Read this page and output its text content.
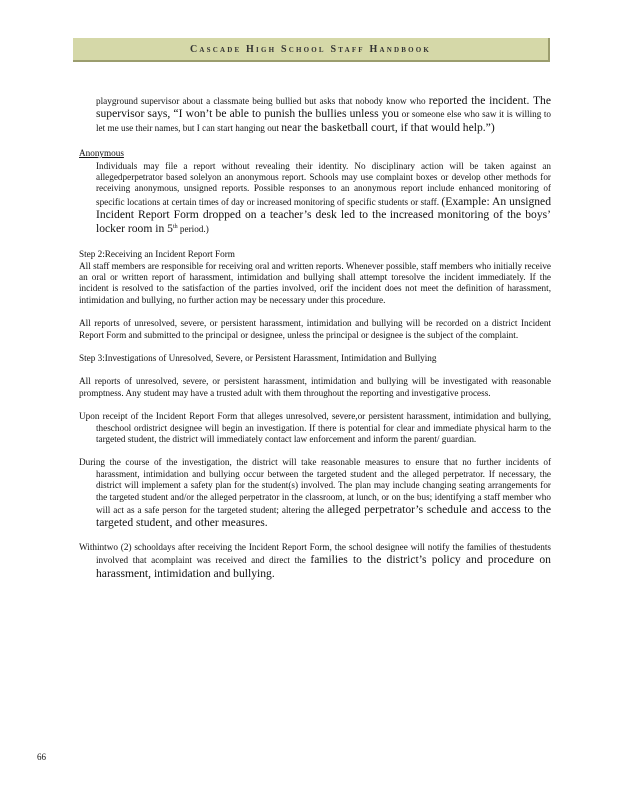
Cascade High School Staff Handbook

playground supervisor about a classmate being bullied but asks that nobody know who reported the incident. The supervisor says, “I won’t be able to punish the bullies unless you or someone else who saw it is willing to let me use their names, but I can start hanging out near the basketball court, if that would help.”)

Anonymous

Individuals may file a report without revealing their identity. No disciplinary action will be taken against an allegedperpetrator based solelyon an anonymous report. Schools may use complaint boxes or develop other methods for receiving anonymous, unsigned reports. Possible responses to an anonymous report include enhanced monitoring of specific locations at certain times of day or increased monitoring of specific students or staff. (Example: An unsigned Incident Report Form dropped on a teacher’s desk led to the increased monitoring of the boys’ locker room in 5th period.)

Step 2:Receiving an Incident Report Form
All staff members are responsible for receiving oral and written reports. Whenever possible, staff members who initially receive an oral or written report of harassment, intimidation and bullying shall attempt toresolve the incident immediately. If the incident is resolved to the satisfaction of the parties involved, orif the incident does not meet the definition of harassment, intimidation and bullying, no further action may be necessary under this procedure.

All reports of unresolved, severe, or persistent harassment, intimidation and bullying will be recorded on a district Incident Report Form and submitted to the principal or designee, unless the principal or designee is the subject of the complaint.

Step 3:Investigations of Unresolved, Severe, or Persistent Harassment, Intimidation and Bullying

All reports of unresolved, severe, or persistent harassment, intimidation and bullying will be investigated with reasonable promptness. Any student may have a trusted adult with them throughout the reporting and investigative process.

Upon receipt of the Incident Report Form that alleges unresolved, severe,or persistent harassment, intimidation and bullying, theschool ordistrict designee will begin an investigation. If there is potential for clear and immediate physical harm to the targeted student, the district will immediately contact law enforcement and inform the parent/ guardian.

During the course of the investigation, the district will take reasonable measures to ensure that no further incidents of harassment, intimidation and bullying occur between the targeted student and the alleged perpetrator. If necessary, the district will implement a safety plan for the student(s) involved. The plan may include changing seating arrangements for the targeted student and/or the alleged perpetrator in the classroom, at lunch, or on the bus; identifying a staff member who will act as a safe person for the targeted student; altering the alleged perpetrator’s schedule and access to the targeted student, and other measures.

Withintwo (2) schooldays after receiving the Incident Report Form, the school designee will notify the families of thestudents involved that acomplaint was received and direct the families to the district’s policy and procedure on harassment, intimidation and bullying.

66
